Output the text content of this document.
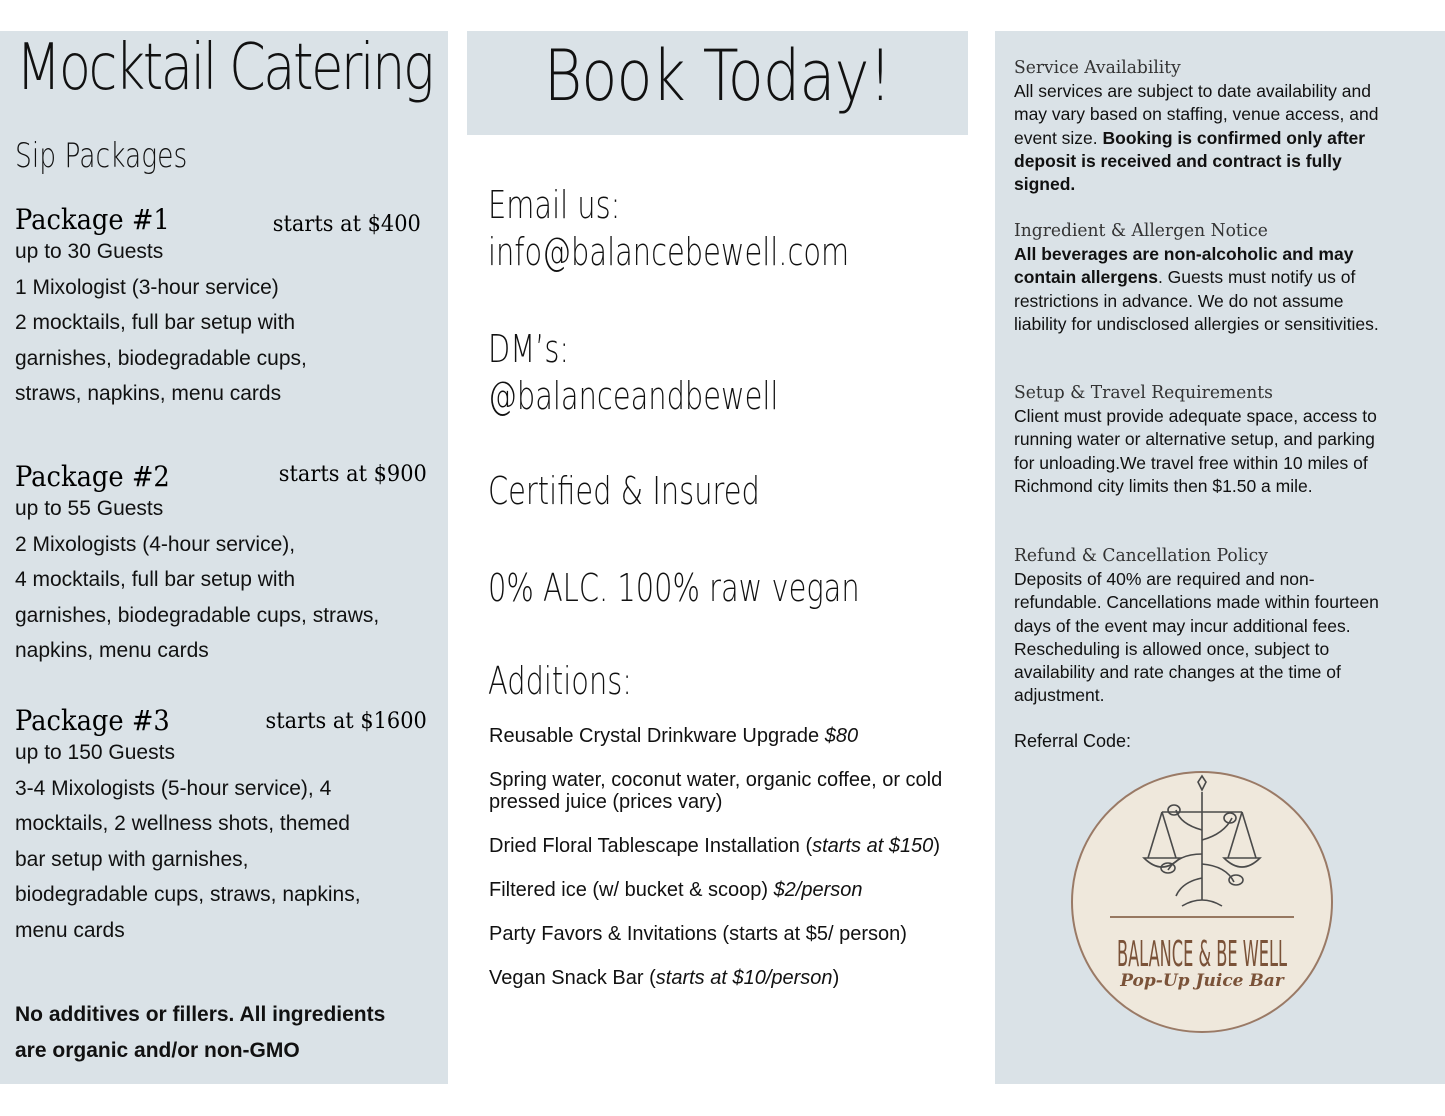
Mocktail Catering
Sip Packages
Package #1	starts at $400
up to 30 Guests
1 Mixologist (3-hour service)
2 mocktails, full bar setup with
garnishes, biodegradable cups,
straws, napkins, menu cards
Package #2	starts at $900
up to 55 Guests
2 Mixologists (4-hour service),
4 mocktails, full bar setup with
garnishes, biodegradable cups, straws,
napkins, menu cards
Package #3	starts at $1600
up to 150 Guests
3-4 Mixologists (5-hour service), 4
mocktails, 2 wellness shots, themed
bar setup with garnishes,
biodegradable cups, straws, napkins,
menu cards
No additives or fillers. All ingredients
are organic and/or non-GMO
Book Today!
Email us:
info@balancebewell.com
DM’s:
@balanceandbewell
Certified & Insured
0% ALC. 100% raw vegan
Additions:
Reusable Crystal Drinkware Upgrade $80
Spring water, coconut water, organic coffee, or cold pressed juice (prices vary)
Dried Floral Tablescape Installation (starts at $150)
Filtered ice (w/ bucket & scoop) $2/person
Party Favors & Invitations (starts at $5/ person)
Vegan Snack Bar (starts at $10/person)
Service Availability
All services are subject to date availability and may vary based on staffing, venue access, and event size. Booking is confirmed only after deposit is received and contract is fully signed.
Ingredient & Allergen Notice
All beverages are non-alcoholic and may contain allergens. Guests must notify us of restrictions in advance. We do not assume liability for undisclosed allergies or sensitivities.
Setup & Travel Requirements
Client must provide adequate space, access to running water or alternative setup, and parking for unloading.We travel free within 10 miles of Richmond city limits then $1.50 a mile.
Refund & Cancellation Policy
Deposits of 40% are required and non-refundable. Cancellations made within fourteen days of the event may incur additional fees. Rescheduling is allowed once, subject to availability and rate changes at the time of adjustment.
Referral Code:
BALANCE & BE WELL
Pop-Up Juice Bar
